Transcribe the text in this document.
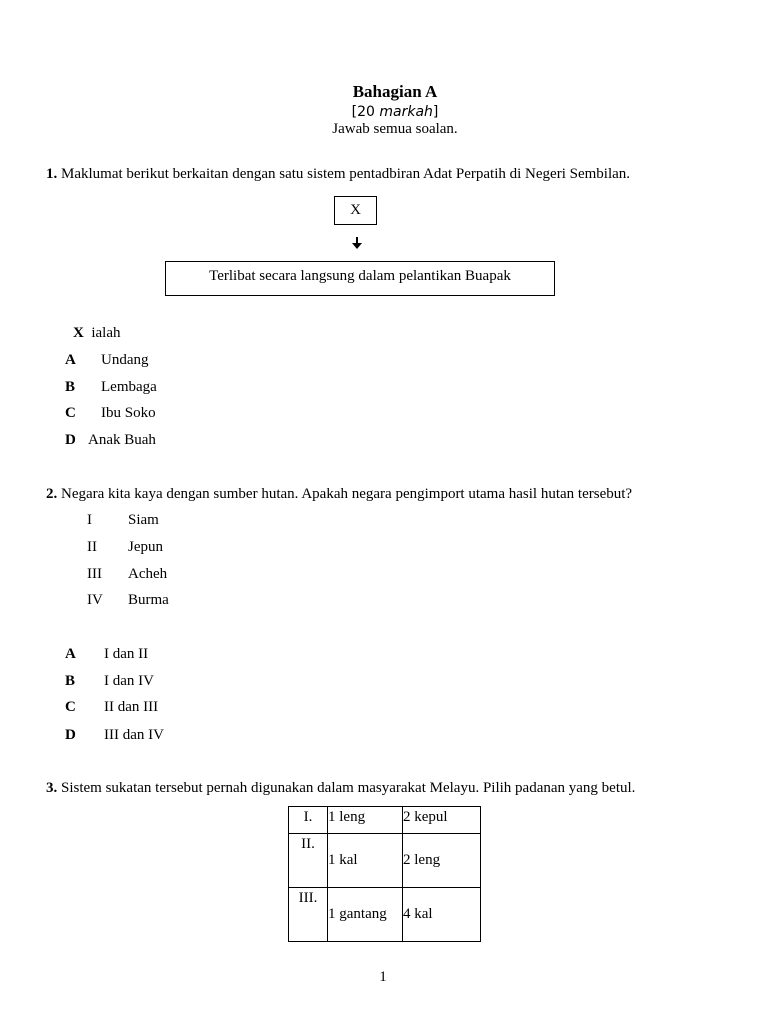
Bahagian A
[20 markah]
Jawab semua soalan.
1. Maklumat berikut berkaitan dengan satu sistem pentadbiran Adat Perpatih di Negeri Sembilan.
X
Terlibat secara langsung dalam pelantikan Buapak
X ialah
A Undang
B Lembaga
C Ibu Soko
D Anak Buah
2. Negara kita kaya dengan sumber hutan. Apakah negara pengimport utama hasil hutan tersebut?
I Siam
II Jepun
III Acheh
IV Burma
A I dan II
B I dan IV
C II dan III
D III dan IV
3. Sistem sukatan tersebut pernah digunakan dalam masyarakat Melayu. Pilih padanan yang betul.
I.	1 leng	2 kepul
II.	1 kal	2 leng
III.	1 gantang	4 kal
1
